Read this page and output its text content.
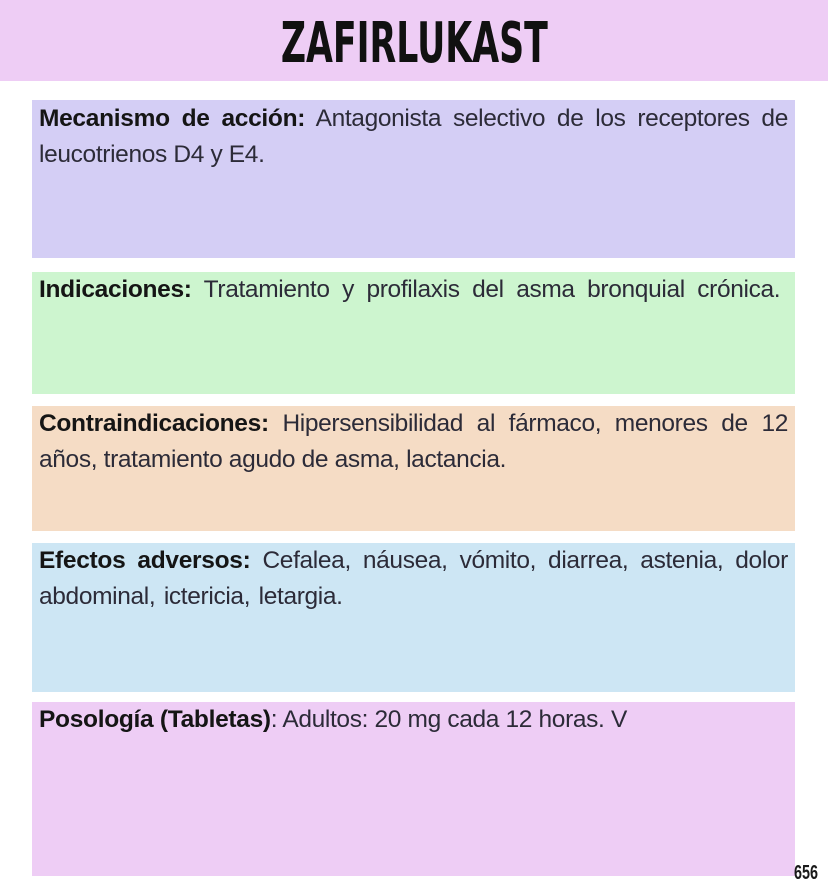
ZAFIRLUKAST

Mecanismo de acción: Antagonista selectivo de los receptores de leucotrienos D4 y E4.

Indicaciones: Tratamiento y profilaxis del asma bronquial crónica.

Contraindicaciones: Hipersensibilidad al fármaco, menores de 12 años, tratamiento agudo de asma, lactancia.

Efectos adversos: Cefalea, náusea, vómito, diarrea, astenia, dolor abdominal, ictericia, letargia.

Posología (Tabletas): Adultos: 20 mg cada 12 horas. V

656
